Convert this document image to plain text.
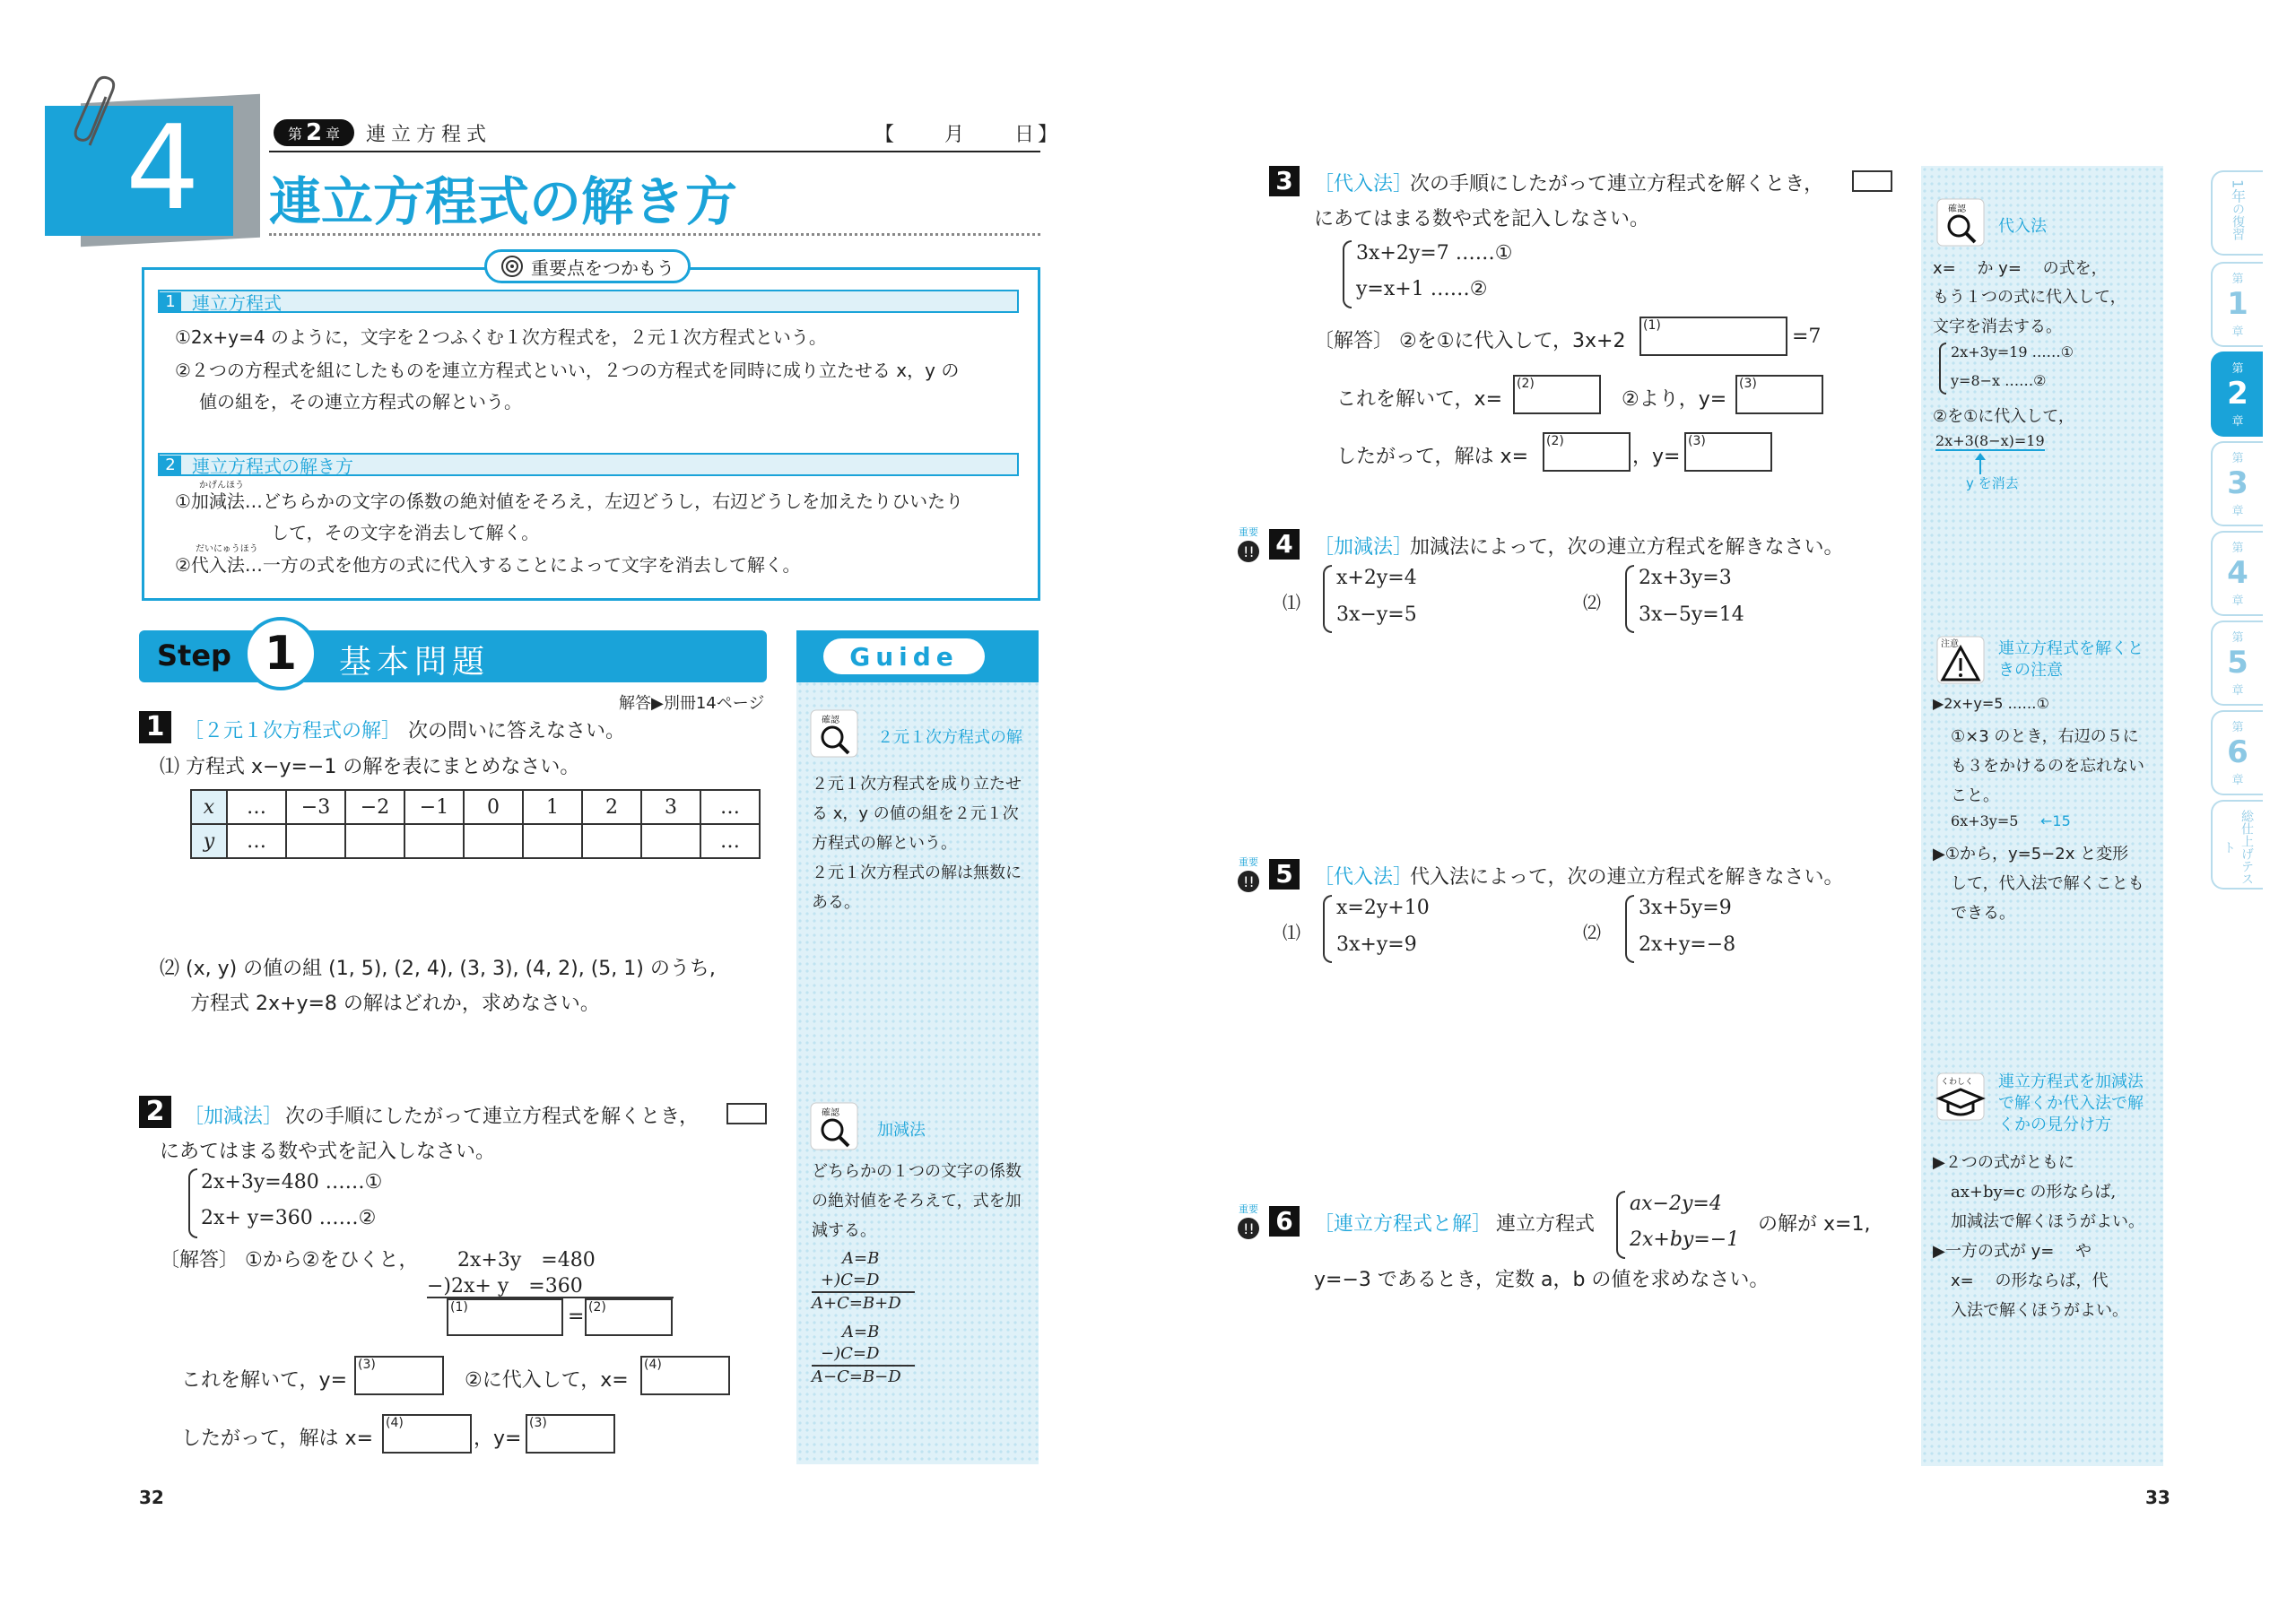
4	第 2 章 連立方程式	【　　月　　日】
連立方程式の解き方
重要点をつかもう
1 連立方程式
①2x+y=4 のように，文字を２つふくむ１次方程式を，２元１次方程式という。
②２つの方程式を組にしたものを連立方程式といい，２つの方程式を同時に成り立たせる x，y の
値の組を，その連立方程式の解という。
2 連立方程式の解き方
かげんほう
①加減法…どちらかの文字の係数の絶対値をそろえ，左辺どうし，右辺どうしを加えたりひいたり
して，その文字を消去して解く。
だいにゅうほう
②代入法…一方の式を他方の式に代入することによって文字を消去して解く。
Step 1 基本問題
解答▶別冊14ページ
Guide
確認
２元１次方程式の解
２元１次方程式を成り立たせ
る x，y の値の組を２元１次
方程式の解という。
２元１次方程式の解は無数に
ある。
確認
加減法
どちらかの１つの文字の係数
の絶対値をそろえて，式を加
減する。
A=B
+)C=D
A+C=B+D
A=B
−)C=D
A−C=B−D
1 ［２元１次方程式の解］ 次の問いに答えなさい。
⑴ 方程式 x−y=−1 の解を表にまとめなさい。
x	…	−3	−2	−1	0	1	2	3	…
y	…								…
⑵ (x, y) の値の組 (1, 5), (2, 4), (3, 3), (4, 2), (5, 1) のうち,
方程式 2x+y=8 の解はどれか，求めなさい。
2 ［加減法］ 次の手順にしたがって連立方程式を解くとき，
にあてはまる数や式を記入しなさい。
2x+3y=480 ……①
2x+ y=360 ……②
〔解答〕 ①から②をひくと， 2x+3y　=480
−)2x+ y　=360
(1)	= (2)
これを解いて，y=
(3)
②に代入して，x=
(4)
したがって，解は x=
(4)
，y=
(3)
32
3	［代入法］
次の手順にしたがって連立方程式を解くとき，
にあてはまる数や式を記入しなさい。
3x+2y=7 ……①
y=x+1 ……②
〔解答〕 ②を①に代入して，3x+2
(1)	=7
これを解いて，x=
(2)
②より，y=
(3)
したがって，解は x=
(2)
，y=
(3)
重要
!! 4	［加減法］
加減法によって，次の連立方程式を解きなさい。
⑴
x+2y=4
3x−y=5
⑵
2x+3y=3
3x−5y=14
重要
!! 5	［代入法］
代入法によって，次の連立方程式を解きなさい。
⑴
x=2y+10
3x+y=9
⑵
3x+5y=9
2x+y=−8
重要
!! 6	［連立方程式と解］ 連立方程式
ax−2y=4
2x+by=−1
の解が x=1,
y=−3 であるとき，定数 a，b の値を求めなさい。
確認
代入法
x=　 か y=　 の式を，
もう１つの式に代入して，
文字を消去する。
2x+3y=19 ……①
y=8−x ……②
②を①に代入して，
2x+3(8−x)=19
y を消去
注意 連立方程式を解くときの注意
▶2x+y=5 ……①
①×3 のとき，右辺の５に
も３をかけるのを忘れない
こと。
6x+3y=5 ←15
▶①から，y=5−2x と変形
して，代入法で解くことも
できる。
くわしく 連立方程式を加減法で解くか代入法で解くかの見分け方
▶２つの式がともに
ax+by=c の形ならば,
加減法で解くほうがよい。
▶一方の式が y=　 や
x=　 の形ならば，代
入法で解くほうがよい。
1年
の復習
第
1
章
第
2
章
第
3
章
第
4
章
第
5
章
第
6
章
総仕上げテスト
33
